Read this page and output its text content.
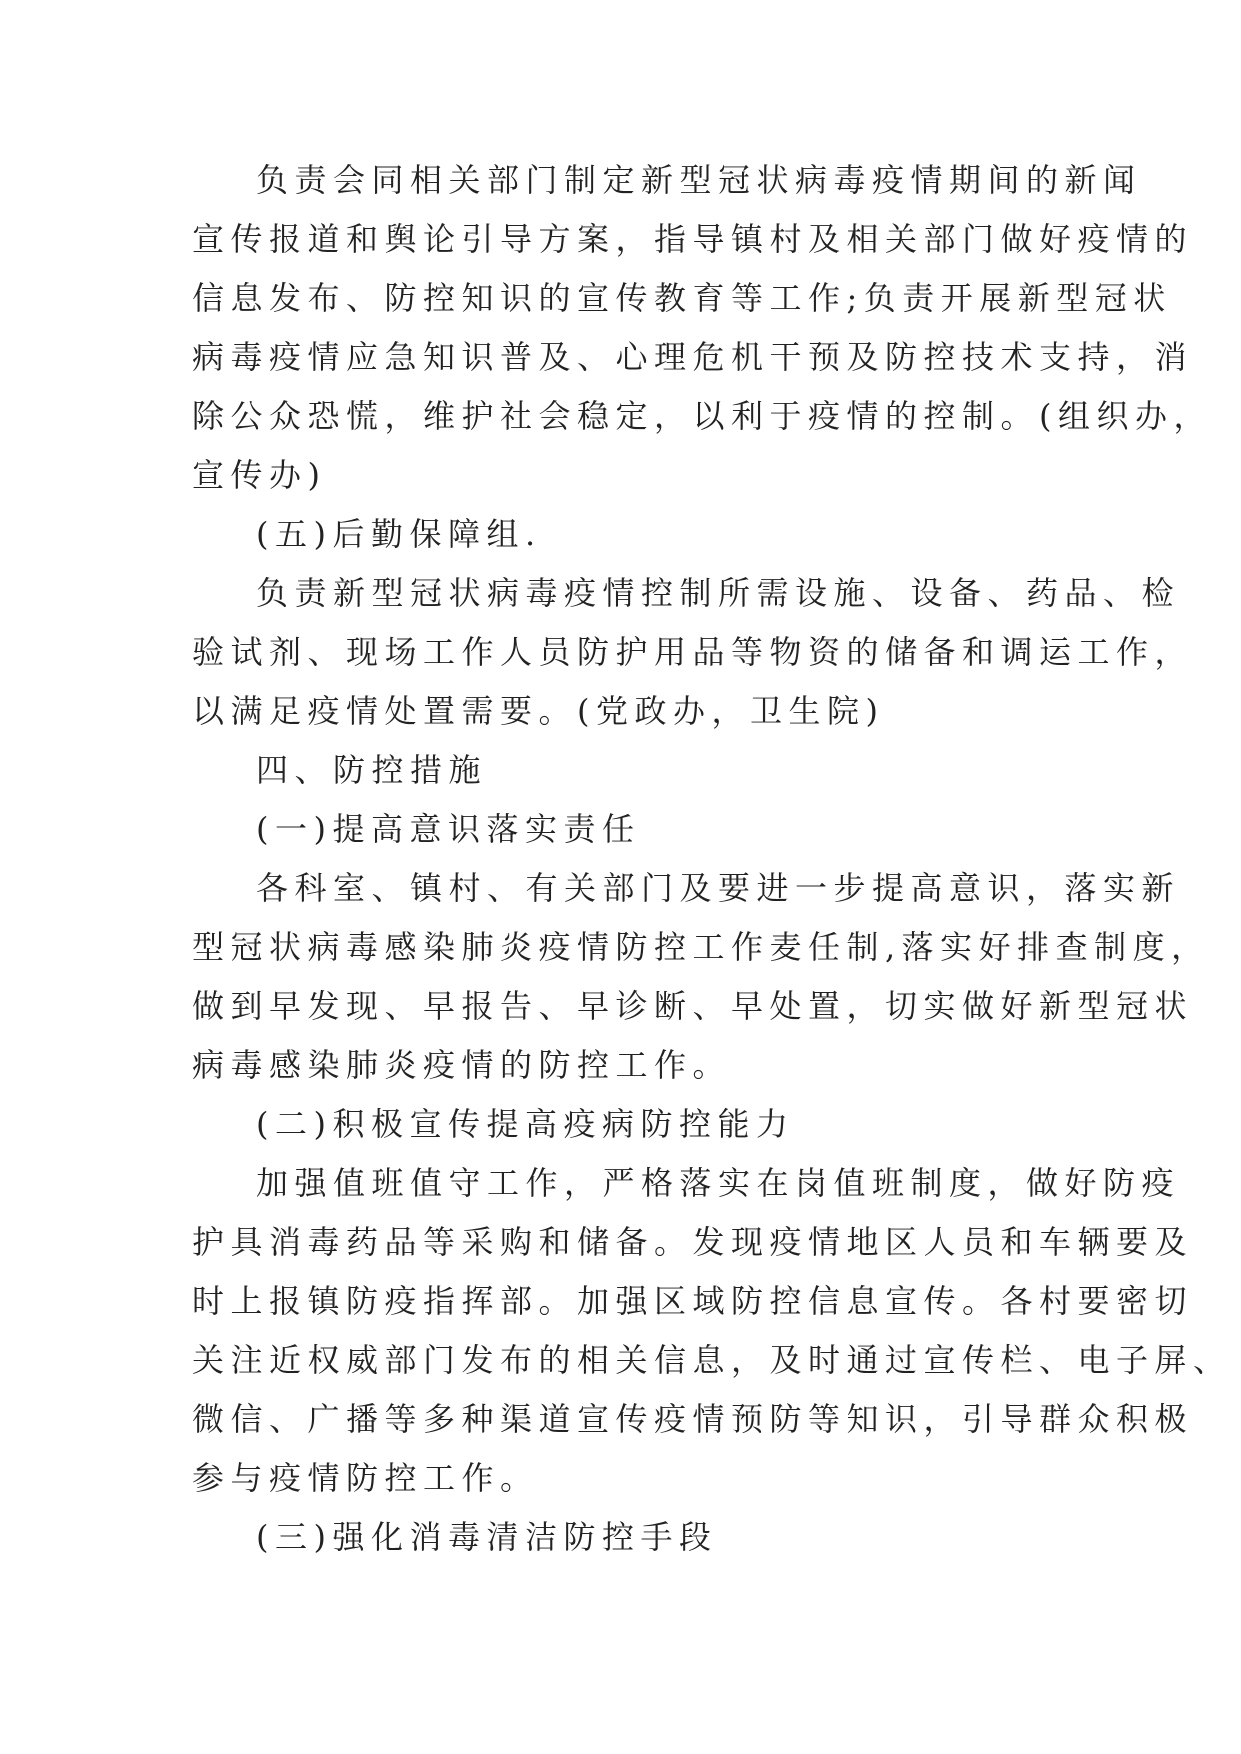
负责会同相关部门制定新型冠状病毒疫情期间的新闻
宣传报道和舆论引导方案，指导镇村及相关部门做好疫情的
信息发布、防控知识的宣传教育等工作;负责开展新型冠状
病毒疫情应急知识普及、心理危机干预及防控技术支持，消
除公众恐慌，维护社会稳定，以利于疫情的控制。(组织办，
宣传办)
(五)后勤保障组.
负责新型冠状病毒疫情控制所需设施、设备、药品、检
验试剂、现场工作人员防护用品等物资的储备和调运工作，
以满足疫情处置需要。(党政办，卫生院)
四、防控措施
(一)提高意识落实责任
各科室、镇村、有关部门及要进一步提高意识，落实新
型冠状病毒感染肺炎疫情防控工作麦任制,落实好排查制度，
做到早发现、早报告、早诊断、早处置，切实做好新型冠状
病毒感染肺炎疫情的防控工作。
(二)积极宣传提高疫病防控能力
加强值班值守工作，严格落实在岗值班制度，做好防疫
护具消毒药品等采购和储备。发现疫情地区人员和车辆要及
时上报镇防疫指挥部。加强区域防控信息宣传。各村要密切
关注近权威部门发布的相关信息，及时通过宣传栏、电子屏、
微信、广播等多种渠道宣传疫情预防等知识，引导群众积极
参与疫情防控工作。
(三)强化消毒清洁防控手段
